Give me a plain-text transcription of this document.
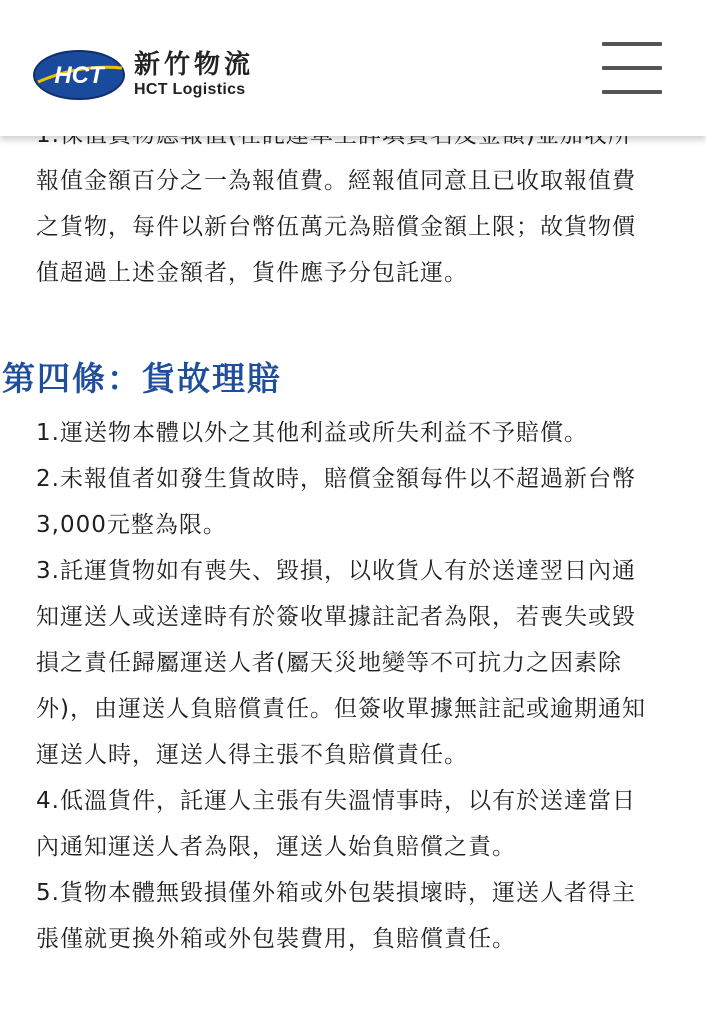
HCT 新竹物流
HCT Logistics
報值金額百分之一為報值費。經報值同意且已收取報值費
之貨物，每件以新台幣伍萬元為賠償金額上限；故貨物價
值超過上述金額者，貨件應予分包託運。
第四條：貨故理賠
1.運送物本體以外之其他利益或所失利益不予賠償。
2.未報值者如發生貨故時，賠償金額每件以不超過新台幣
3,000元整為限。
3.託運貨物如有喪失、毀損，以收貨人有於送達翌日內通
知運送人或送達時有於簽收單據註記者為限，若喪失或毀
損之責任歸屬運送人者(屬天災地變等不可抗力之因素除
外)，由運送人負賠償責任。但簽收單據無註記或逾期通知
運送人時，運送人得主張不負賠償責任。
4.低溫貨件，託運人主張有失溫情事時，以有於送達當日
內通知運送人者為限，運送人始負賠償之責。
5.貨物本體無毀損僅外箱或外包裝損壞時，運送人者得主
張僅就更換外箱或外包裝費用，負賠償責任。
